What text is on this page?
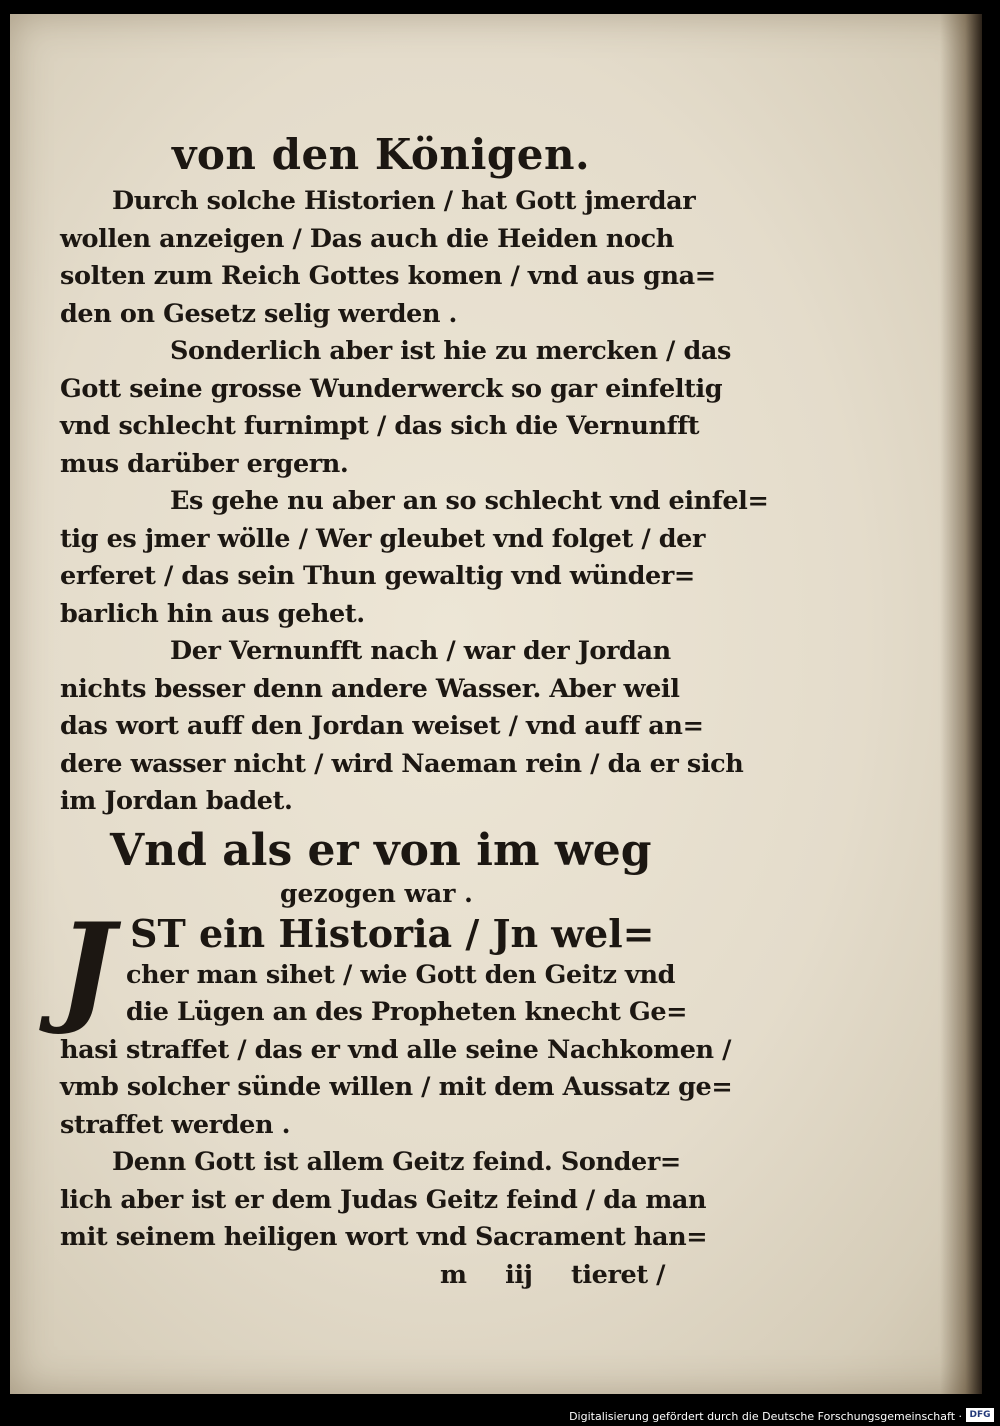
von den Königen.
Durch solche Historien / hat Gott jmerdar
wollen anzeigen / Das auch die Heiden noch
solten zum Reich Gottes komen / vnd aus gna=
den on Gesetz selig werden .
Sonderlich aber ist hie zu mercken / das
Gott seine grosse Wunderwerck so gar einfeltig
vnd schlecht furnimpt / das sich die Vernunfft
mus darüber ergern.
Es gehe nu aber an so schlecht vnd einfel=
tig es jmer wölle / Wer gleubet vnd folget / der
erferet / das sein Thun gewaltig vnd wünder=
barlich hin aus gehet.
Der Vernunfft nach / war der Jordan
nichts besser denn andere Wasser. Aber weil
das wort auff den Jordan weiset / vnd auff an=
dere wasser nicht / wird Naeman rein / da er sich
im Jordan badet.
Vnd als er von im weg
gezogen war .
J ST ein Historia / Jn wel=
cher man sihet / wie Gott den Geitz vnd
die Lügen an des Propheten knecht Ge=
hasi straffet / das er vnd alle seine Nachkomen /
vmb solcher sünde willen / mit dem Aussatz ge=
straffet werden .
Denn Gott ist allem Geitz feind. Sonder=
lich aber ist er dem Judas Geitz feind / da man
mit seinem heiligen wort vnd Sacrament han=
m iij tieret /
Digitalisierung gefördert durch die Deutsche Forschungsgemeinschaft · DFG
